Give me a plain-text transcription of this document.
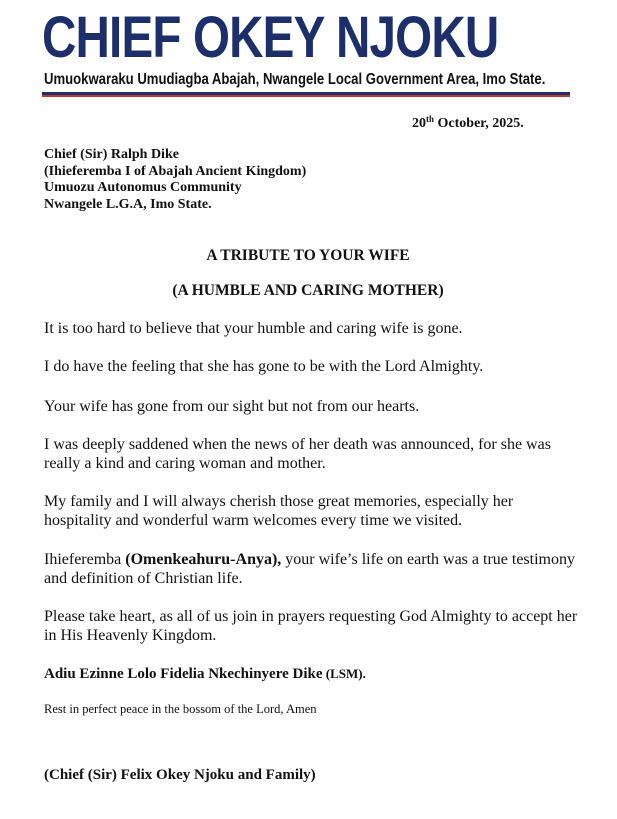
CHIEF OKEY NJOKU
Umuokwaraku Umudiagba Abajah, Nwangele Local Government Area, Imo State.
20th October, 2025.
Chief (Sir) Ralph Dike
(Ihieferemba I of Abajah Ancient Kingdom)
Umuozu Autonomus Community
Nwangele L.G.A, Imo State.
A TRIBUTE TO YOUR WIFE
(A HUMBLE AND CARING MOTHER)
It is too hard to believe that your humble and caring wife is gone.
I do have the feeling that she has gone to be with the Lord Almighty.
Your wife has gone from our sight but not from our hearts.
I was deeply saddened when the news of her death was announced, for she was really a kind and caring woman and mother.
My family and I will always cherish those great memories, especially her hospitality and wonderful warm welcomes every time we visited.
Ihieferemba (Omenkeahuru-Anya), your wife’s life on earth was a true testimony and definition of Christian life.
Please take heart, as all of us join in prayers requesting God Almighty to accept her in His Heavenly Kingdom.
Adiu Ezinne Lolo Fidelia Nkechinyere Dike (LSM).
Rest in perfect peace in the bossom of the Lord, Amen
(Chief (Sir) Felix Okey Njoku and Family)
